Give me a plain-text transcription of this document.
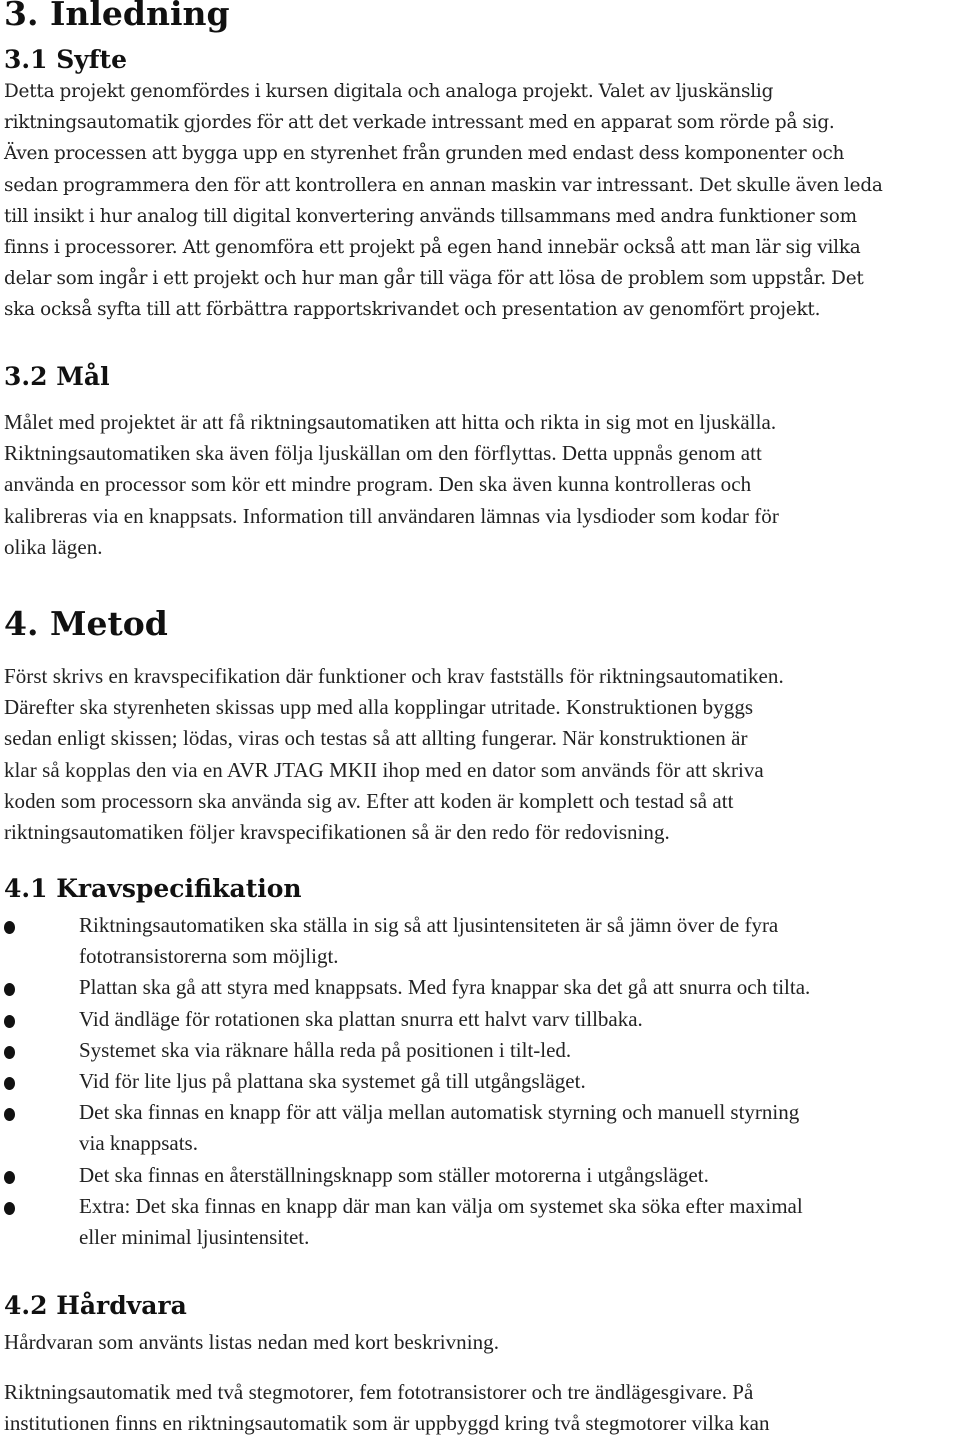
3. Inledning
3.1 Syfte

Detta projekt genomfördes i kursen digitala och analoga projekt. Valet av ljuskänslig

riktningsautomatik gjordes för att det verkade intressant med en apparat som rörde på sig.

Även processen att bygga upp en styrenhet från grunden med endast dess komponenter och

sedan programmera den för att kontrollera en annan maskin var intressant. Det skulle även leda

till insikt i hur analog till digital konvertering används tillsammans med andra funktioner som

finns i processorer. Att genomföra ett projekt på egen hand innebär också att man lär sig vilka

delar som ingår i ett projekt och hur man går till väga för att lösa de problem som uppstår. Det

ska också syfta till att förbättra rapportskrivandet och presentation av genomfört projekt.

3.2 Mål

Målet med projektet är att få riktningsautomatiken att hitta och rikta in sig mot en ljuskälla.

Riktningsautomatiken ska även följa ljuskällan om den förflyttas. Detta uppnås genom att

använda en processor som kör ett mindre program. Den ska även kunna kontrolleras och

kalibreras via en knappsats. Information till användaren lämnas via lysdioder som kodar för

olika lägen.

4. Metod

Först skrivs en kravspecifikation där funktioner och krav fastställs för riktningsautomatiken.

Därefter ska styrenheten skissas upp med alla kopplingar utritade. Konstruktionen byggs

sedan enligt skissen; lödas, viras och testas så att allting fungerar. När konstruktionen är

klar så kopplas den via en AVR JTAG MKII ihop med en dator som används för att skriva

koden som processorn ska använda sig av. Efter att koden är komplett och testad så att

riktningsautomatiken följer kravspecifikationen så är den redo för redovisning.

4.1 Kravspecifikation
Riktningsautomatiken ska ställa in sig så att ljusintensiteten är så jämn över de fyra
fototransistorerna som möjligt.
Plattan ska gå att styra med knappsats. Med fyra knappar ska det gå att snurra och tilta.
Vid ändläge för rotationen ska plattan snurra ett halvt varv tillbaka.
Systemet ska via räknare hålla reda på positionen i tilt-led.
Vid för lite ljus på plattana ska systemet gå till utgångsläget.
Det ska finnas en knapp för att välja mellan automatisk styrning och manuell styrning
via knappsats.
Det ska finnas en återställningsknapp som ställer motorerna i utgångsläget.
Extra: Det ska finnas en knapp där man kan välja om systemet ska söka efter maximal
eller minimal ljusintensitet.
4.2 Hårdvara

Hårdvaran som använts listas nedan med kort beskrivning.

Riktningsautomatik med två stegmotorer, fem fototransistorer och tre ändlägesgivare. På

institutionen finns en riktningsautomatik som är uppbyggd kring två stegmotorer vilka kan
